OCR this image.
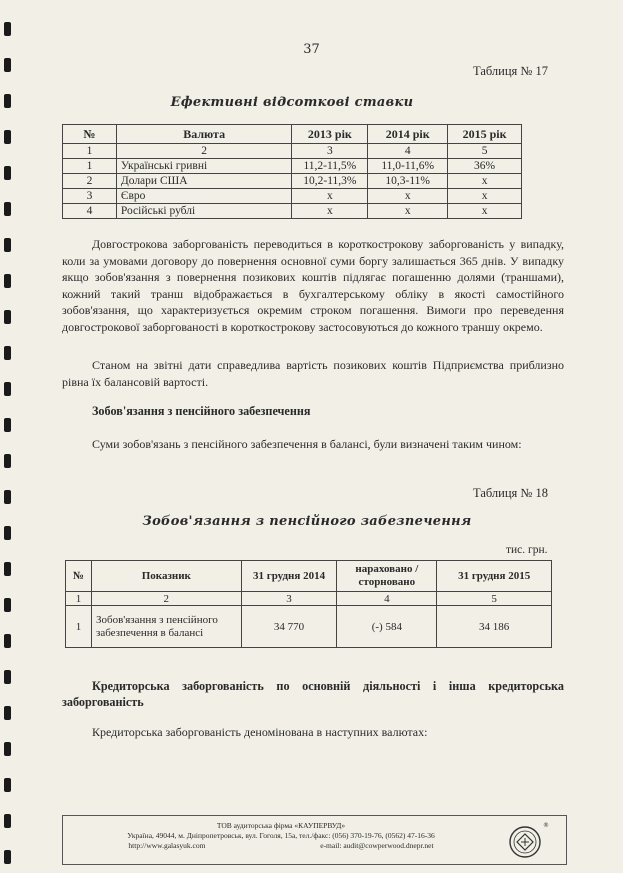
37
Таблиця № 17
Ефективні відсоткові ставки
№	Валюта	2013 рік	2014 рік	2015 рік
1	2	3	4	5
1	Українські гривні	11,2-11,5%	11,0-11,6%	36%
2	Долари США	10,2-11,3%	10,3-11%	x
3	Євро	x	x	x
4	Російські рублі	x	x	x
Довгострокова заборгованість переводиться в короткострокову заборгованість у випадку, коли за умовами договору до повернення основної суми боргу залишається 365 днів. У випадку якщо зобов'язання з повернення позикових коштів підлягає погашенню долями (траншами), кожний такий транш відображається в бухгалтерському обліку в якості самостійного зобов'язання, що характеризується окремим строком погашення. Вимоги про переведення довгострокової заборгованості в короткострокову застосовуються до кожного траншу окремо.
Станом на звітні дати справедлива вартість позикових коштів Підприємства приблизно рівна їх балансовій вартості.
Зобов'язання з пенсійного забезпечення
Суми зобов'язань з пенсійного забезпечення в балансі, були визначені таким чином:
Таблиця № 18
Зобов'язання з пенсійного забезпечення
тис. грн.
№	Показник	31 грудня 2014	нараховано / сторновано	31 грудня 2015
1	2	3	4	5
1	Зобов'язання з пенсійного забезпечення в балансі	34 770	(-) 584	34 186
Кредиторська заборгованість по основній діяльності і інша кредиторська заборгованість
Кредиторська заборгованість деномінована в наступних валютах:
ТОВ аудиторська фірма «КАУПЕРВУД»
Україна, 49044, м. Дніпропетровськ, вул. Гоголя, 15а, тел./факс: (056) 370-19-76, (0562) 47-16-36
http://www.galasyuk.com	e-mail: audit@cowperwood.dnepr.net
®
